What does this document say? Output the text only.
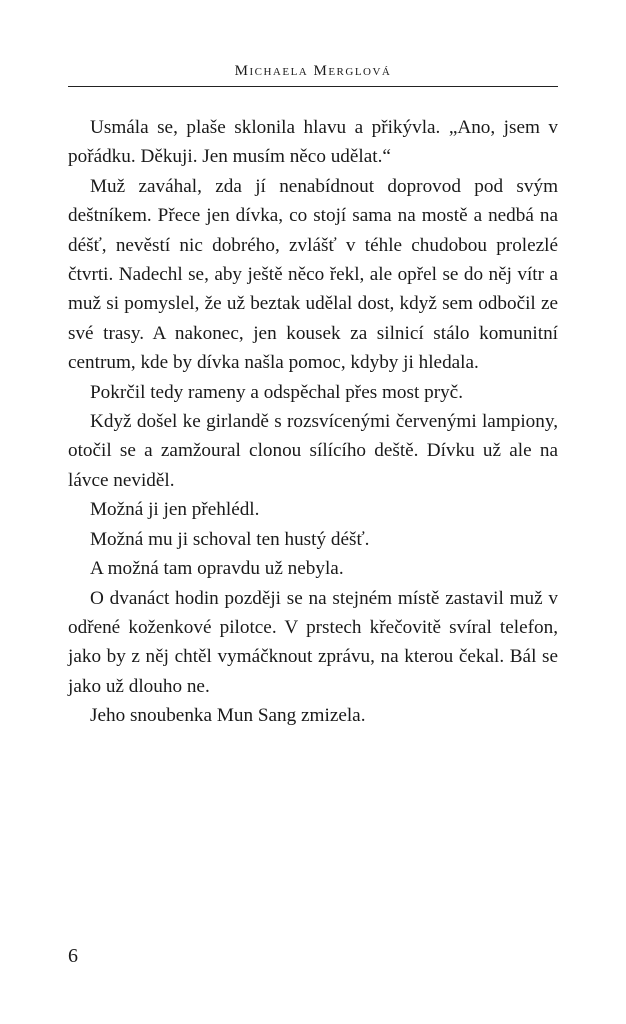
Michaela Merglová

Usmála se, plaše sklonila hlavu a přikývla. „Ano, jsem v pořádku. Děkuji. Jen musím něco udělat.“

Muž zaváhal, zda jí nenabídnout doprovod pod svým deštníkem. Přece jen dívka, co stojí sama na mostě a nedbá na déšť, nevěstí nic dobrého, zvlášť v téhle chudobou prolezlé čtvrti. Nadechl se, aby ještě něco řekl, ale opřel se do něj vítr a muž si pomyslel, že už beztak udělal dost, když sem odbočil ze své trasy. A nakonec, jen kousek za silnicí stálo komunitní centrum, kde by dívka našla pomoc, kdyby ji hledala.

Pokrčil tedy rameny a odspěchal přes most pryč.

Když došel ke girlandě s rozsvícenými červenými lampiony, otočil se a zamžoural clonou sílícího deště. Dívku už ale na lávce neviděl.

Možná ji jen přehlédl.

Možná mu ji schoval ten hustý déšť.

A možná tam opravdu už nebyla.

O dvanáct hodin později se na stejném místě zastavil muž v odřené koženkové pilotce. V prstech křečovitě svíral telefon, jako by z něj chtěl vymáčknout zprávu, na kterou čekal. Bál se jako už dlouho ne.

Jeho snoubenka Mun Sang zmizela.

6
